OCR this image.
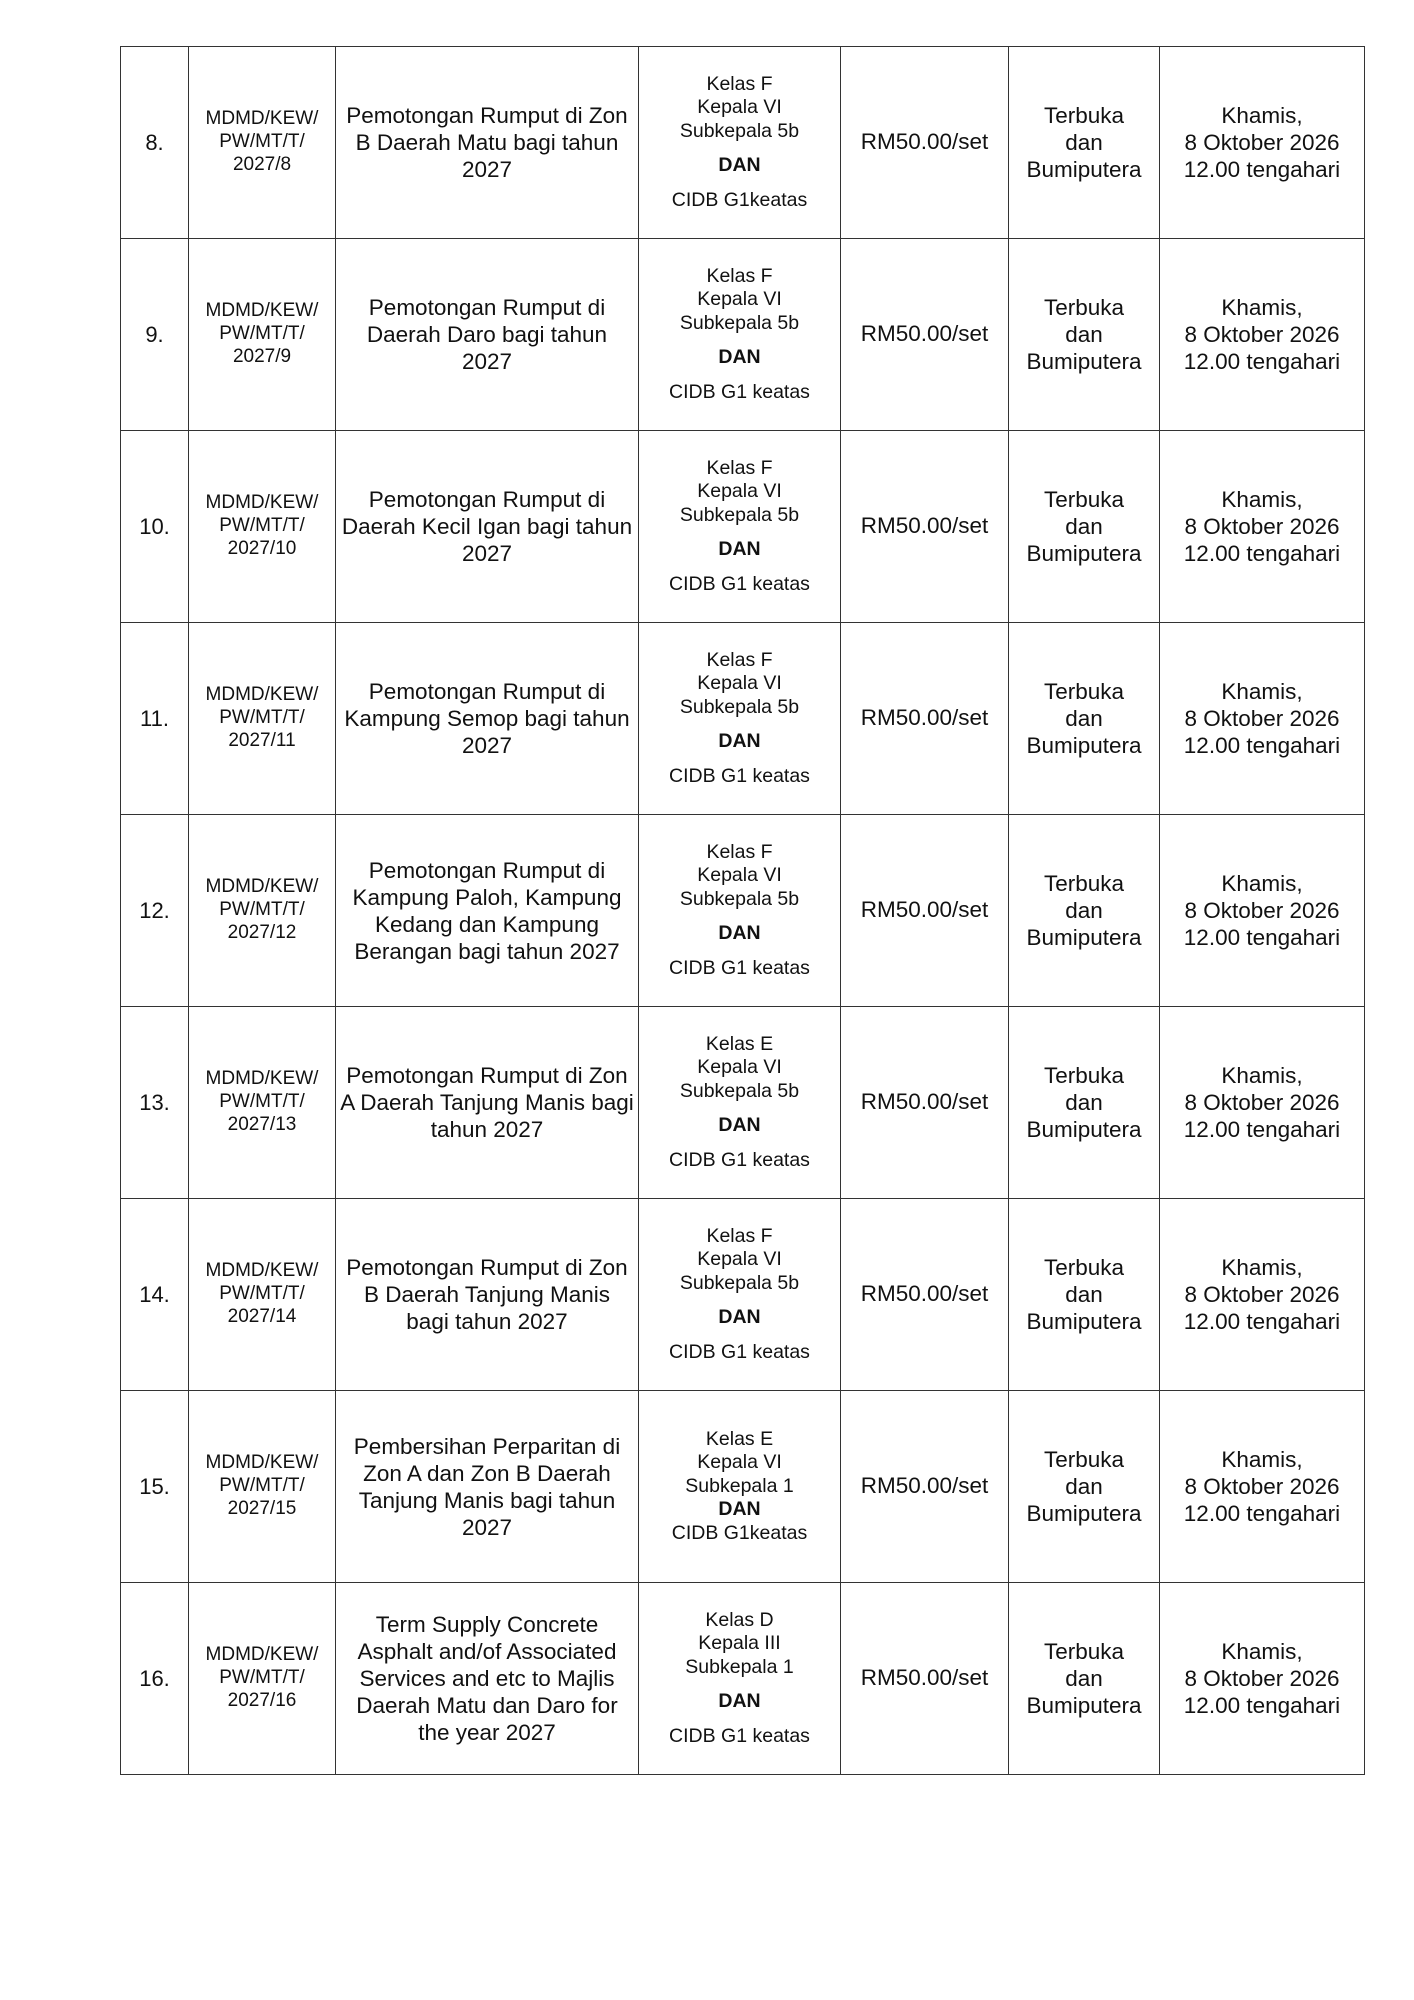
8.	MDMD/KEW/
PW/MT/T/
2027/8	Pemotongan Rumput di Zon B Daerah Matu bagi tahun 2027	Kelas F
Kepala VI
Subkepala 5b
DAN
CIDB G1keatas	RM50.00/set	Terbuka
dan
Bumiputera	Khamis,
8 Oktober 2026
12.00 tengahari

9.	MDMD/KEW/
PW/MT/T/
2027/9	Pemotongan Rumput di Daerah Daro bagi tahun 2027	Kelas F
Kepala VI
Subkepala 5b
DAN
CIDB G1 keatas	RM50.00/set	Terbuka
dan
Bumiputera	Khamis,
8 Oktober 2026
12.00 tengahari

10.	MDMD/KEW/
PW/MT/T/
2027/10	Pemotongan Rumput di Daerah Kecil Igan bagi tahun 2027	Kelas F
Kepala VI
Subkepala 5b
DAN
CIDB G1 keatas	RM50.00/set	Terbuka
dan
Bumiputera	Khamis,
8 Oktober 2026
12.00 tengahari

11.	MDMD/KEW/
PW/MT/T/
2027/11	Pemotongan Rumput di Kampung Semop bagi tahun 2027	Kelas F
Kepala VI
Subkepala 5b
DAN
CIDB G1 keatas	RM50.00/set	Terbuka
dan
Bumiputera	Khamis,
8 Oktober 2026
12.00 tengahari

12.	MDMD/KEW/
PW/MT/T/
2027/12	Pemotongan Rumput di Kampung Paloh, Kampung Kedang dan Kampung Berangan bagi tahun 2027	Kelas F
Kepala VI
Subkepala 5b
DAN
CIDB G1 keatas	RM50.00/set	Terbuka
dan
Bumiputera	Khamis,
8 Oktober 2026
12.00 tengahari

13.	MDMD/KEW/
PW/MT/T/
2027/13	Pemotongan Rumput di Zon A Daerah Tanjung Manis bagi tahun 2027	Kelas E
Kepala VI
Subkepala 5b
DAN
CIDB G1 keatas	RM50.00/set	Terbuka
dan
Bumiputera	Khamis,
8 Oktober 2026
12.00 tengahari

14.	MDMD/KEW/
PW/MT/T/
2027/14	Pemotongan Rumput di Zon B Daerah Tanjung Manis bagi tahun 2027	Kelas F
Kepala VI
Subkepala 5b
DAN
CIDB G1 keatas	RM50.00/set	Terbuka
dan
Bumiputera	Khamis,
8 Oktober 2026
12.00 tengahari

15.	MDMD/KEW/
PW/MT/T/
2027/15	Pembersihan Perparitan di Zon A dan Zon B Daerah Tanjung Manis bagi tahun 2027	Kelas E
Kepala VI
Subkepala 1
DAN
CIDB G1keatas	RM50.00/set	Terbuka
dan
Bumiputera	Khamis,
8 Oktober 2026
12.00 tengahari

16.	MDMD/KEW/
PW/MT/T/
2027/16	Term Supply Concrete Asphalt and/of Associated Services and etc to Majlis Daerah Matu dan Daro for the year 2027	Kelas D
Kepala III
Subkepala 1
DAN
CIDB G1 keatas	RM50.00/set	Terbuka
dan
Bumiputera	Khamis,
8 Oktober 2026
12.00 tengahari
